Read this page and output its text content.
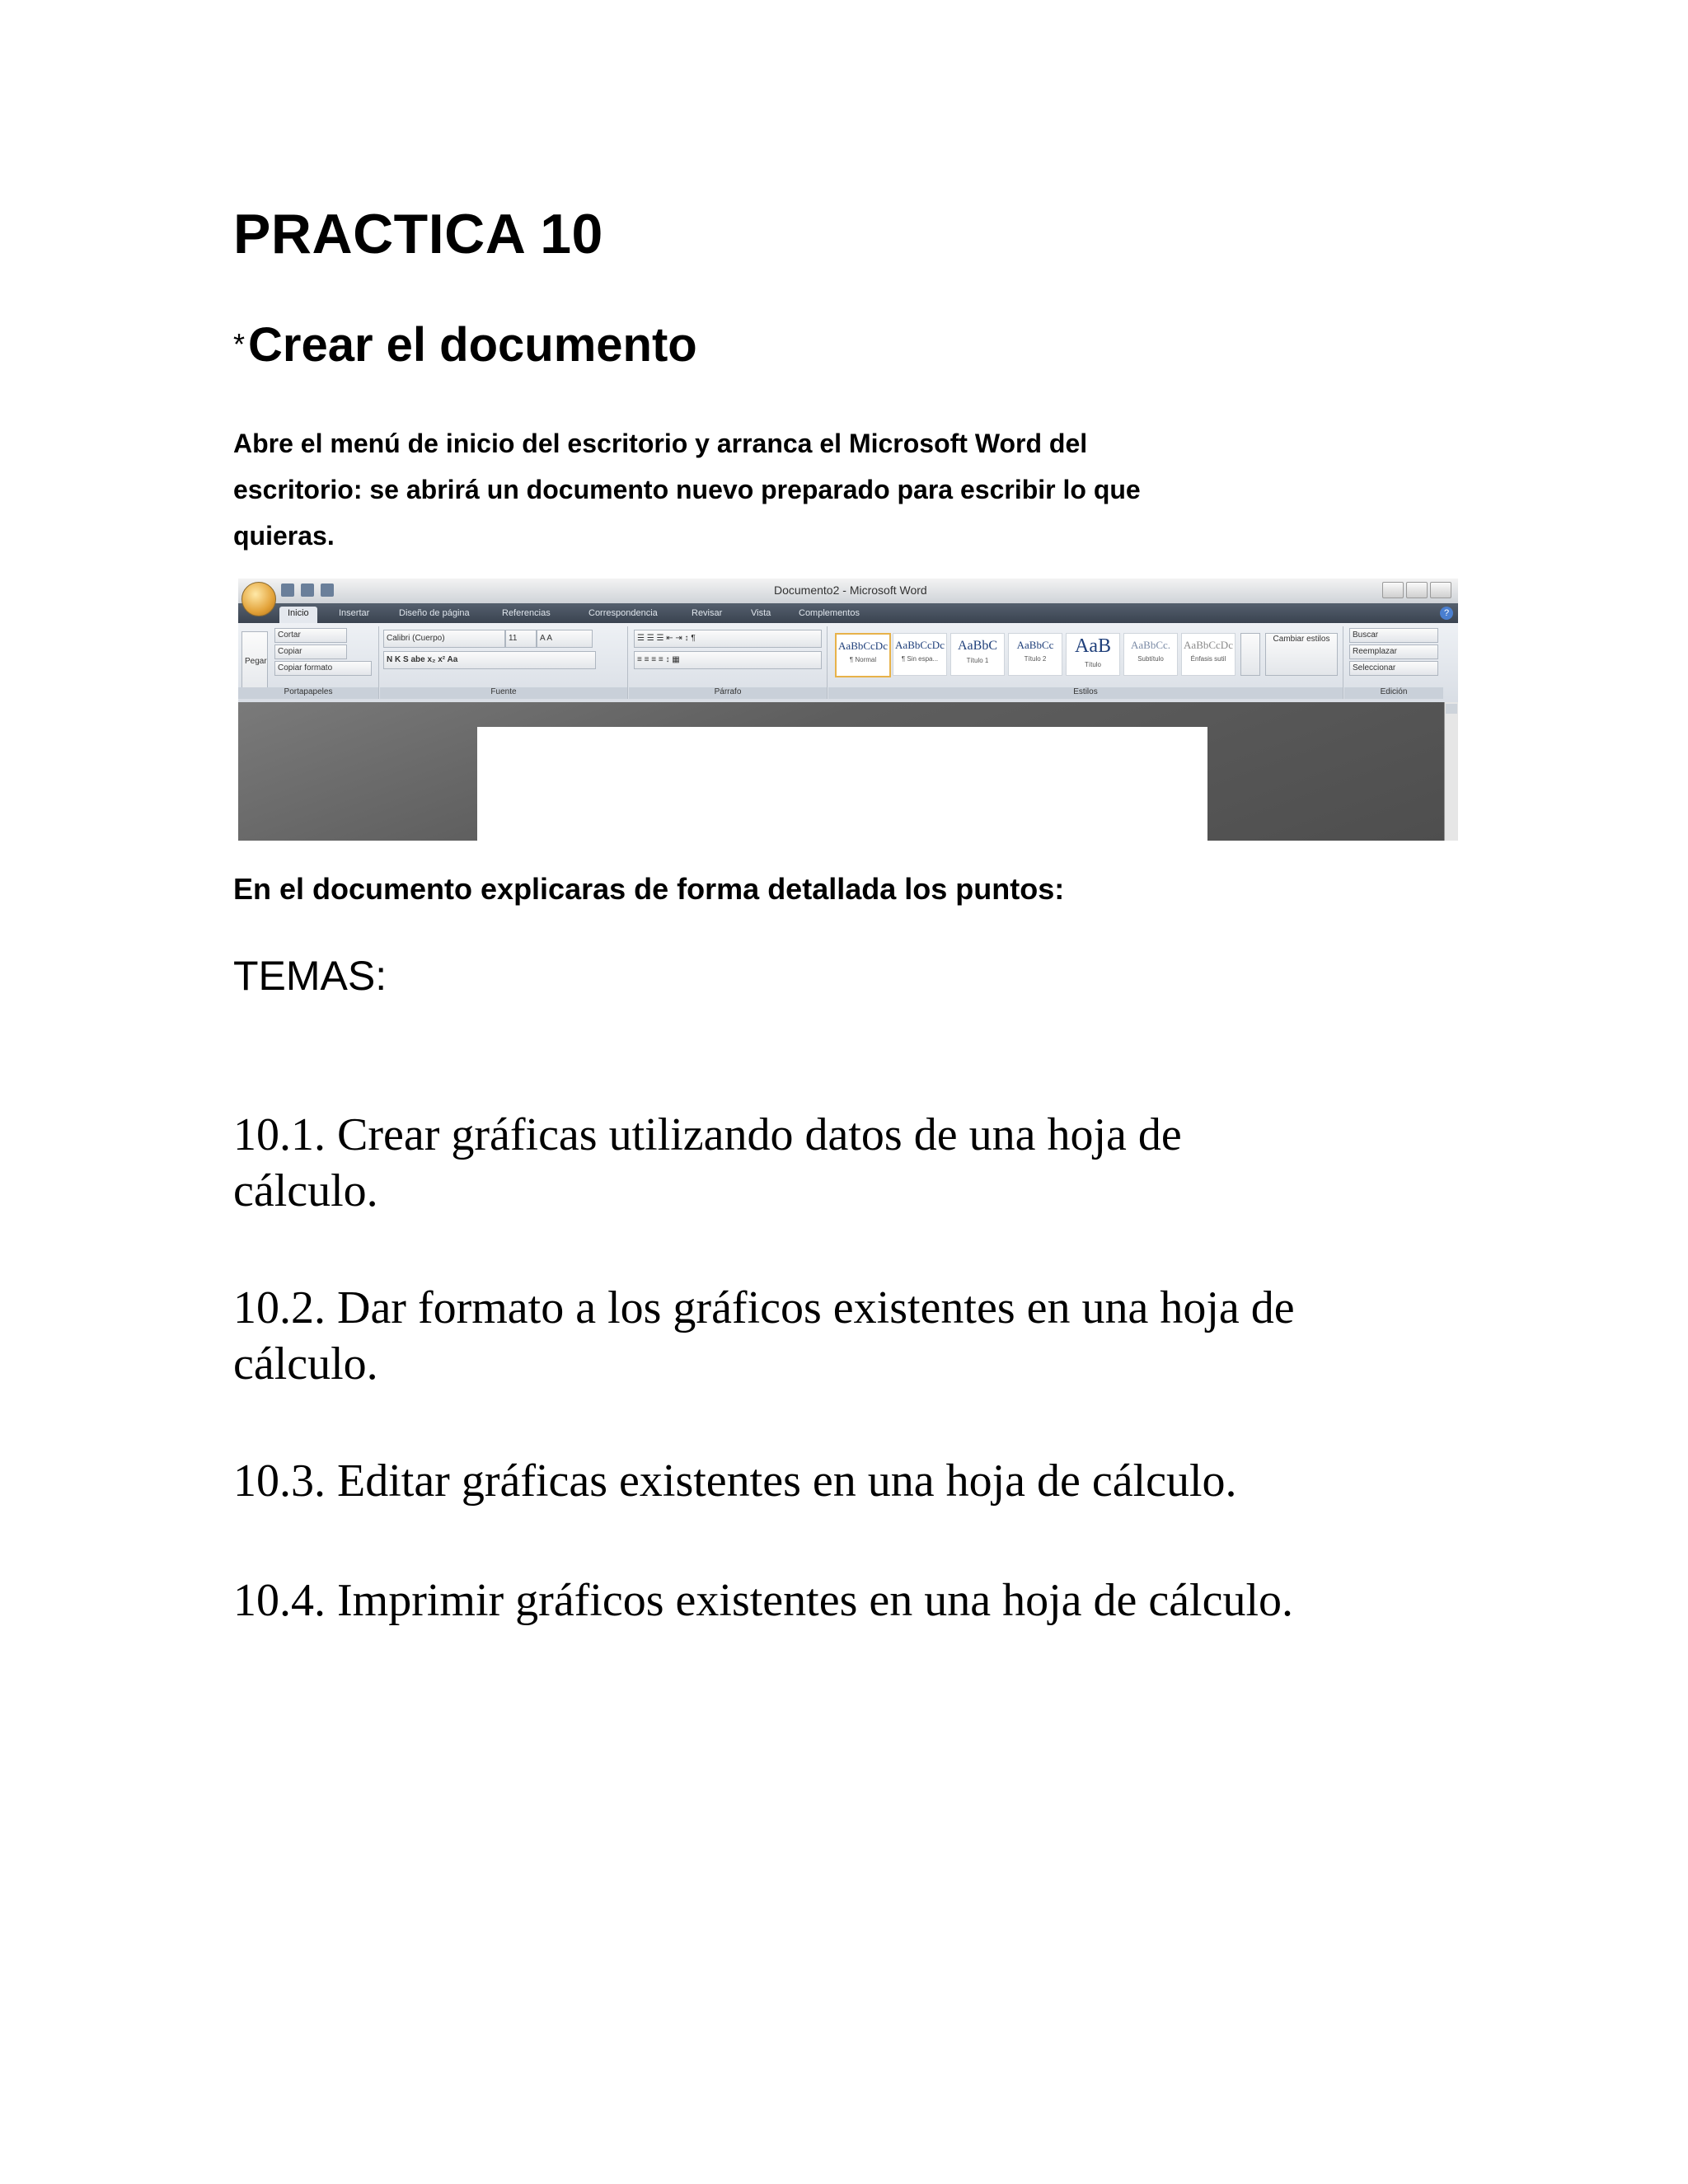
PRACTICA 10
*Crear el documento
Abre el menú de inicio del escritorio y arranca el Microsoft Word del
escritorio: se abrirá un documento nuevo preparado para escribir lo que
quieras.
Documento2 - Microsoft Word
Inicio	Insertar	Diseño de página	Referencias	Correspondencia	Revisar	Vista	Complementos	?
Pegar
Cortar
Copiar
Copiar formato
Portapapeles
Calibri (Cuerpo)	11	A A
N K S abe x₂ x² Aa
Fuente
☰ ☰ ☰ ⇤ ⇥ ↕ ¶
≡ ≡ ≡ ≡ ↕ ▦
Párrafo
AaBbCcDc
¶ Normal
AaBbCcDc
¶ Sin espa...
AaBbC
Título 1
AaBbCc
Título 2
AaB
Título
AaBbCc.
Subtítulo
AaBbCcDc
Énfasis sutil
Cambiar estilos
Estilos
Buscar
Reemplazar
Seleccionar
Edición
En el documento explicaras de forma detallada los puntos:
TEMAS:
10.1. Crear gráficas utilizando datos de una hoja de
cálculo.
10.2. Dar formato a los gráficos existentes en una hoja de
cálculo.
10.3. Editar gráficas existentes en una hoja de cálculo.
10.4. Imprimir gráficos existentes en una hoja de cálculo.
